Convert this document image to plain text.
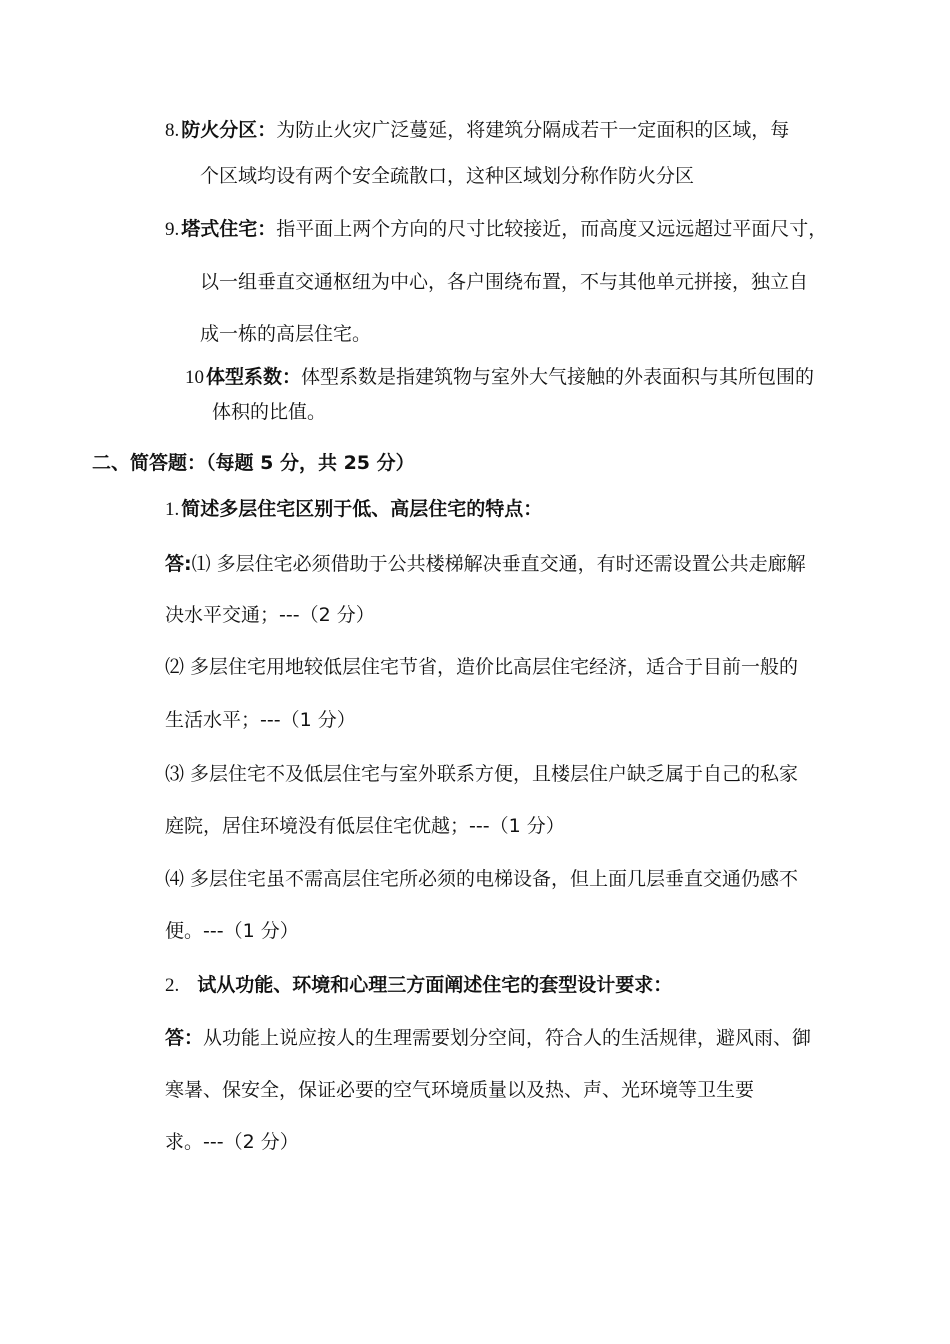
8. 防火分区：为防止火灾广泛蔓延，将建筑分隔成若干一定面积的区域，每
个区域均设有两个安全疏散口，这种区域划分称作防火分区
9. 塔式住宅：指平面上两个方向的尺寸比较接近，而高度又远远超过平面尺寸，
以一组垂直交通枢纽为中心，各户围绕布置，不与其他单元拼接，独立自
成一栋的高层住宅。
10 体型系数：体型系数是指建筑物与室外大气接触的外表面积与其所包围的
体积的比值。
二、简答题：（每题 5 分，共 25 分）
1. 简述多层住宅区别于低、高层住宅的特点：
答:⑴ 多层住宅必须借助于公共楼梯解决垂直交通，有时还需设置公共走廊解
决水平交通；---（2 分）
⑵ 多层住宅用地较低层住宅节省，造价比高层住宅经济，适合于目前一般的
生活水平；---（1 分）
⑶ 多层住宅不及低层住宅与室外联系方便，且楼层住户缺乏属于自己的私家
庭院，居住环境没有低层住宅优越；---（1 分）
⑷ 多层住宅虽不需高层住宅所必须的电梯设备，但上面几层垂直交通仍感不
便。---（1 分）
2. 试从功能、环境和心理三方面阐述住宅的套型设计要求：
答：从功能上说应按人的生理需要划分空间，符合人的生活规律，避风雨、御
寒暑、保安全，保证必要的空气环境质量以及热、声、光环境等卫生要
求。---（2 分）
